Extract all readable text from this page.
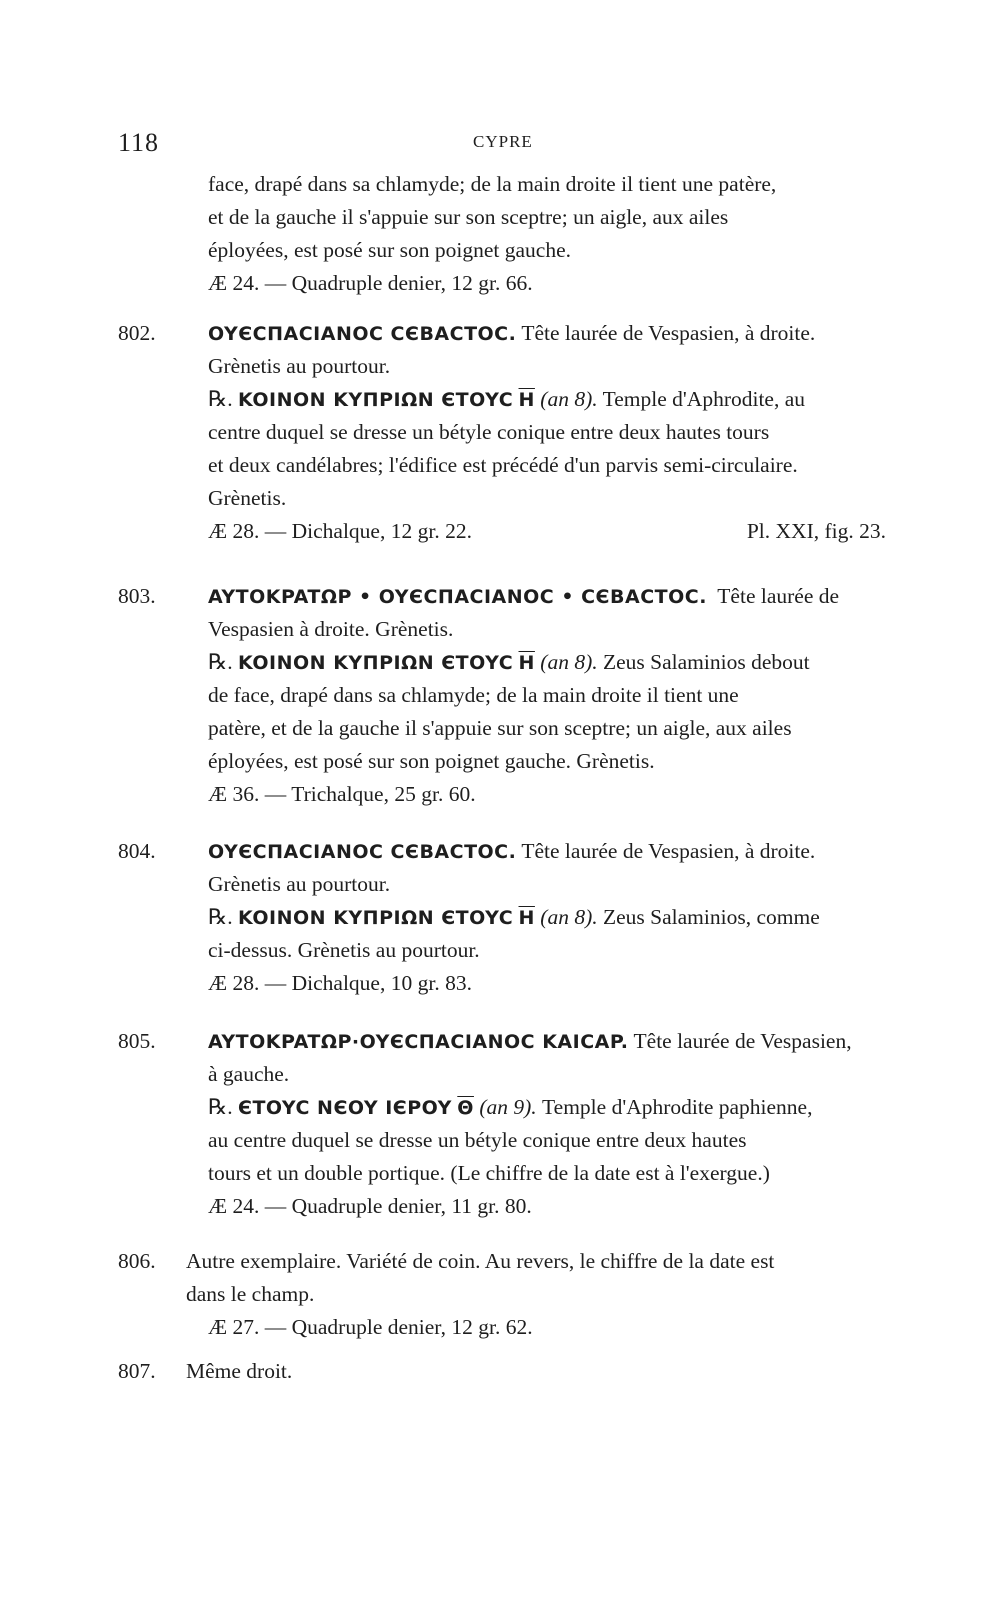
118	CYPRE
face, drapé dans sa chlamyde; de la main droite il tient une patère,
et de la gauche il s'appuie sur son sceptre; un aigle, aux ailes
éployées, est posé sur son poignet gauche.
Æ 24. — Quadruple denier, 12 gr. 66.
802.	OYЄCΠACIANOC CЄBACTOC. Tête laurée de Vespasien, à droite.
Grènetis au pourtour.
℞. KOINON KYΠPIΩN ЄTOYC $\overline{H}$ (an 8). Temple d'Aphrodite, au
centre duquel se dresse un bétyle conique entre deux hautes tours
et deux candélabres; l'édifice est précédé d'un parvis semi-circulaire.
Grènetis.
Æ 28. — Dichalque, 12 gr. 22.	Pl. XXI, fig. 23.
803.	AYTOKPATΩP • OYЄCΠACIANOC • CЄBACTOC. Tête laurée de
Vespasien à droite. Grènetis.
℞. KOINON KYΠPIΩN ЄTOYC $\overline{H}$ (an 8). Zeus Salaminios debout
de face, drapé dans sa chlamyde; de la main droite il tient une
patère, et de la gauche il s'appuie sur son sceptre; un aigle, aux ailes
éployées, est posé sur son poignet gauche. Grènetis.
Æ 36. — Trichalque, 25 gr. 60.
804.	OYЄCΠACIANOC CЄBACTOC. Tête laurée de Vespasien, à droite.
Grènetis au pourtour.
℞. KOINON KYΠPIΩN ЄTOYC $\overline{H}$ (an 8). Zeus Salaminios, comme
ci-dessus. Grènetis au pourtour.
Æ 28. — Dichalque, 10 gr. 83.
805.	AYTOKPATΩP·OYЄCΠACIANOC KAICAP. Tête laurée de Vespasien,
à gauche.
℞. ЄTOYC NЄOY IЄPOY $\overline{\Theta}$ (an 9). Temple d'Aphrodite paphienne,
au centre duquel se dresse un bétyle conique entre deux hautes
tours et un double portique. (Le chiffre de la date est à l'exergue.)
Æ 24. — Quadruple denier, 11 gr. 80.
806. Autre exemplaire. Variété de coin. Au revers, le chiffre de la date est
dans le champ.
Æ 27. — Quadruple denier, 12 gr. 62.
807. Même droit.
